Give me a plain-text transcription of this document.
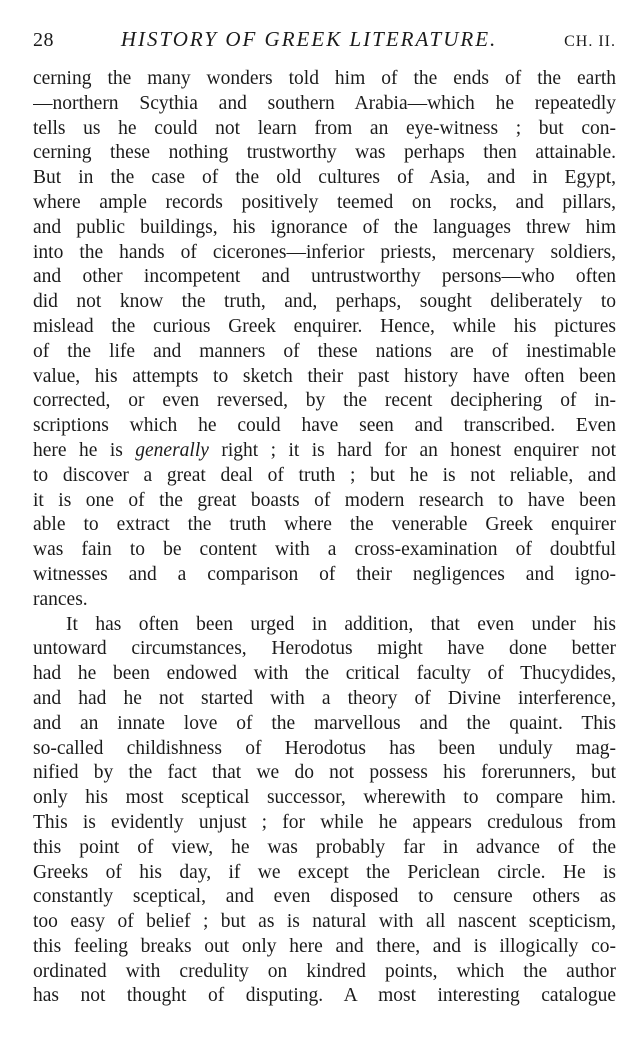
28	HISTORY OF GREEK LITERATURE.	CH. II.
cerning the many wonders told him of the ends of the earth
—northern Scythia and southern Arabia—which he repeatedly
tells us he could not learn from an eye-witness ; but con-
cerning these nothing trustworthy was perhaps then attainable.
But in the case of the old cultures of Asia, and in Egypt,
where ample records positively teemed on rocks, and pillars,
and public buildings, his ignorance of the languages threw him
into the hands of cicerones—inferior priests, mercenary soldiers,
and other incompetent and untrustworthy persons—who often
did not know the truth, and, perhaps, sought deliberately to
mislead the curious Greek enquirer. Hence, while his pictures
of the life and manners of these nations are of inestimable
value, his attempts to sketch their past history have often been
corrected, or even reversed, by the recent deciphering of in-
scriptions which he could have seen and transcribed. Even
here he is generally right ; it is hard for an honest enquirer not
to discover a great deal of truth ; but he is not reliable, and
it is one of the great boasts of modern research to have been
able to extract the truth where the venerable Greek enquirer
was fain to be content with a cross-examination of doubtful
witnesses and a comparison of their negligences and igno-
rances.
It has often been urged in addition, that even under his
untoward circumstances, Herodotus might have done better
had he been endowed with the critical faculty of Thucydides,
and had he not started with a theory of Divine interference,
and an innate love of the marvellous and the quaint. This
so-called childishness of Herodotus has been unduly mag-
nified by the fact that we do not possess his forerunners, but
only his most sceptical successor, wherewith to compare him.
This is evidently unjust ; for while he appears credulous from
this point of view, he was probably far in advance of the
Greeks of his day, if we except the Periclean circle. He is
constantly sceptical, and even disposed to censure others as
too easy of belief ; but as is natural with all nascent scepticism,
this feeling breaks out only here and there, and is illogically co-
ordinated with credulity on kindred points, which the author
has not thought of disputing. A most interesting catalogue
